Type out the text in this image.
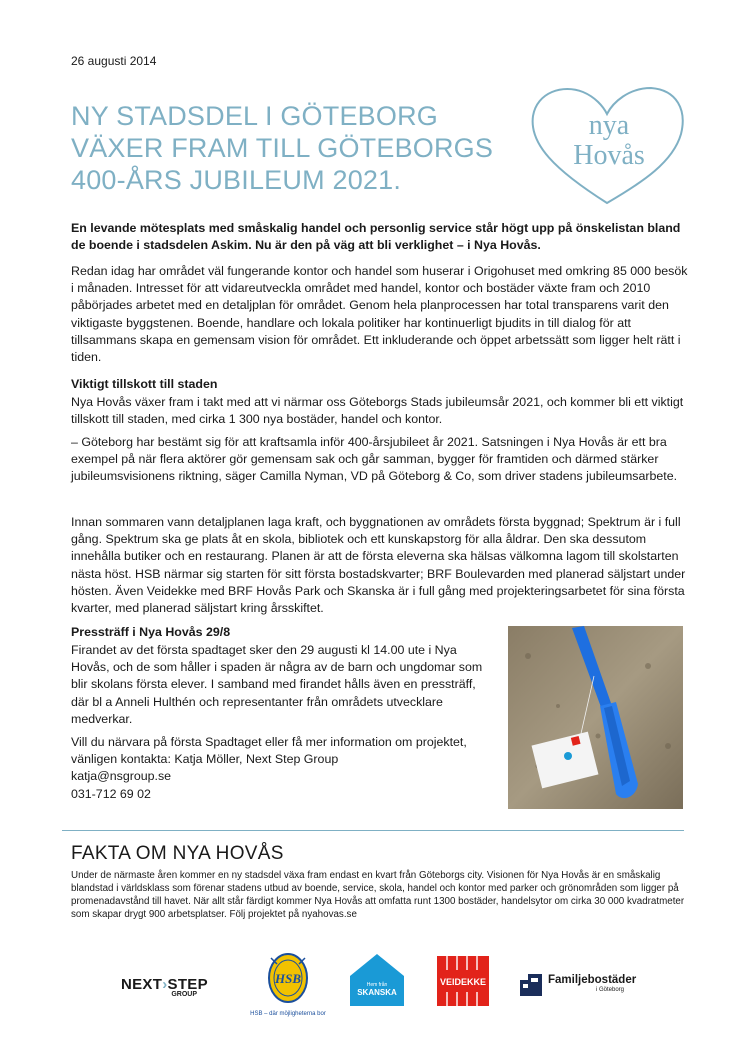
26 augusti 2014
NY STADSDEL I GÖTEBORG VÄXER FRAM TILL GÖTEBORGS 400-ÅRS JUBILEUM 2021.
nya
Hovås

En levande mötesplats med småskalig handel och personlig service står högt upp på önskelistan bland de boende i stadsdelen Askim. Nu är den på väg att bli verklighet – i Nya Hovås.

Redan idag har området väl fungerande kontor och handel som huserar i Origohuset med omkring 85 000 besök i månaden. Intresset för att vidareutveckla området med handel, kontor och bostäder växte fram och 2010 påbörjades arbetet med en detaljplan för området. Genom hela planprocessen har total transparens varit den viktigaste byggstenen. Boende, handlare och lokala politiker har kontinuerligt bjudits in till dialog för att tillsammans skapa en gemensam vision för området. Ett inkluderande och öppet arbetssätt som ligger helt rätt i tiden.

Viktigt tillskott till staden

Nya Hovås växer fram i takt med att vi närmar oss Göteborgs Stads jubileumsår 2021, och kommer bli ett viktigt tillskott till staden, med cirka 1 300 nya bostäder, handel och kontor.

– Göteborg har bestämt sig för att kraftsamla inför 400-årsjubileet år 2021. Satsningen i Nya Hovås är ett bra exempel på när flera aktörer gör gemensam sak och går samman, bygger för framtiden och därmed stärker jubileumsvisionens riktning, säger Camilla Nyman, VD på Göteborg & Co, som driver stadens jubileumsarbete.

Innan sommaren vann detaljplanen laga kraft, och byggnationen av områdets första byggnad; Spektrum är i full gång. Spektrum ska ge plats åt en skola, bibliotek och ett kunskapstorg för alla åldrar. Den ska dessutom innehålla butiker och en restaurang. Planen är att de första eleverna ska hälsas välkomna lagom till skolstarten nästa höst. HSB närmar sig starten för sitt första bostadskvarter; BRF Boulevarden med planerad säljstart under hösten. Även Veidekke med BRF Hovås Park och Skanska är i full gång med projekteringsarbetet för sina första kvarter, med planerad säljstart kring årsskiftet.

Pressträff i Nya Hovås 29/8

Firandet av det första spadtaget sker den 29 augusti kl 14.00 ute i Nya Hovås, och de som håller i spaden är några av de barn och ungdomar som blir skolans första elever. I samband med firandet hålls även en pressträff, där bl a Anneli Hulthén och representanter från områdets utvecklare medverkar.

Vill du närvara på första Spadtaget eller få mer information om projektet, vänligen kontakta: Katja Möller, Next Step Group
katja@nsgroup.se
031-712 69 02
FAKTA OM NYA HOVÅS

Under de närmaste åren kommer en ny stadsdel växa fram endast en kvart från Göteborgs city. Visionen för Nya Hovås är en småskalig blandstad i världsklass som förenar stadens utbud av boende, service, skola, handel och kontor med parker och grönområden som ligger på promenadavstånd till havet. När allt står färdigt kommer Nya Hovås att omfatta runt 1300 bostäder, handelsytor om cirka 30 000 kvadratmeter som skapar drygt 900 arbetsplatser. Följ projektet på nyahovas.se

NEXT›STEP
GROUP
HSB
HSB – där möjligheterna bor
Hem från
SKANSKA
VEIDEKKE	Familjebostäder
i Göteborg
